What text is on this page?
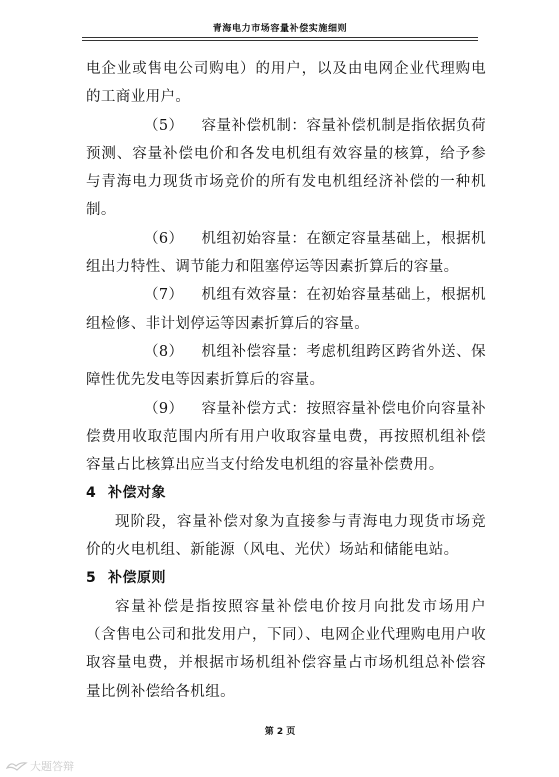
青海电力市场容量补偿实施细则

电企业或售电公司购电）的用户，以及由电网企业代理购电的工商业用户。

（5） 容量补偿机制：容量补偿机制是指依据负荷预测、容量补偿电价和各发电机组有效容量的核算，给予参与青海电力现货市场竞价的所有发电机组经济补偿的一种机制。

（6） 机组初始容量：在额定容量基础上，根据机组出力特性、调节能力和阻塞停运等因素折算后的容量。

（7） 机组有效容量：在初始容量基础上，根据机组检修、非计划停运等因素折算后的容量。

（8） 机组补偿容量：考虑机组跨区跨省外送、保障性优先发电等因素折算后的容量。

（9） 容量补偿方式：按照容量补偿电价向容量补偿费用收取范围内所有用户收取容量电费，再按照机组补偿容量占比核算出应当支付给发电机组的容量补偿费用。

4 补偿对象

现阶段，容量补偿对象为直接参与青海电力现货市场竞价的火电机组、新能源（风电、光伏）场站和储能电站。

5 补偿原则

容量补偿是指按照容量补偿电价按月向批发市场用户（含售电公司和批发用户，下同）、电网企业代理购电用户收取容量电费，并根据市场机组补偿容量占市场机组总补偿容量比例补偿给各机组。

第 2 页
大题答辩
